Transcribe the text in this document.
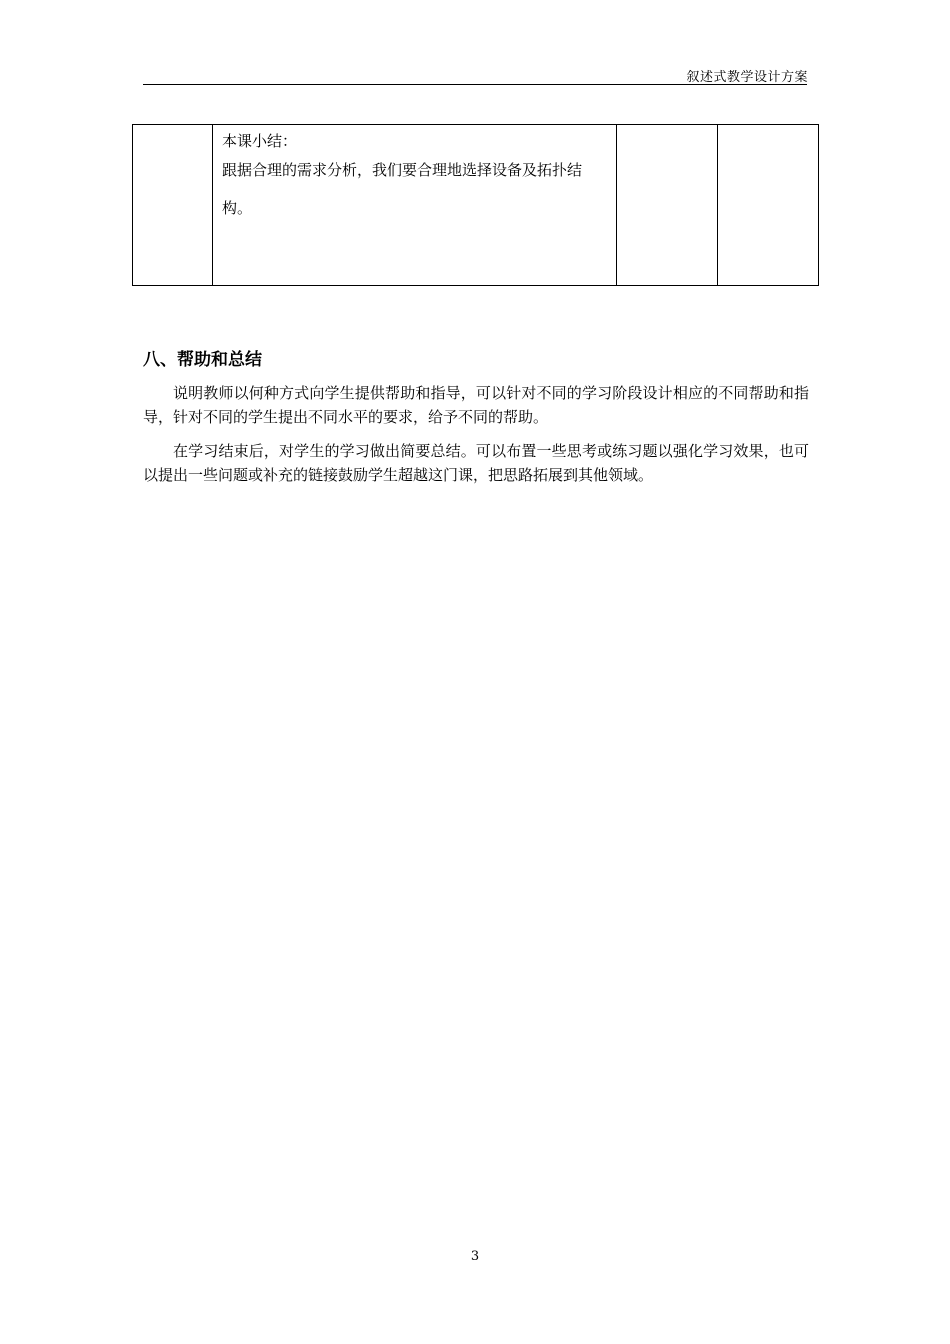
叙述式教学设计方案

本课小结：

跟据合理的需求分析，我们要合理地选择设备及拓扑结构。

八、帮助和总结

说明教师以何种方式向学生提供帮助和指导，可以针对不同的学习阶段设计相应的不同帮助和指导，针对不同的学生提出不同水平的要求，给予不同的帮助。

在学习结束后，对学生的学习做出简要总结。可以布置一些思考或练习题以强化学习效果，也可以提出一些问题或补充的链接鼓励学生超越这门课，把思路拓展到其他领域。

3
